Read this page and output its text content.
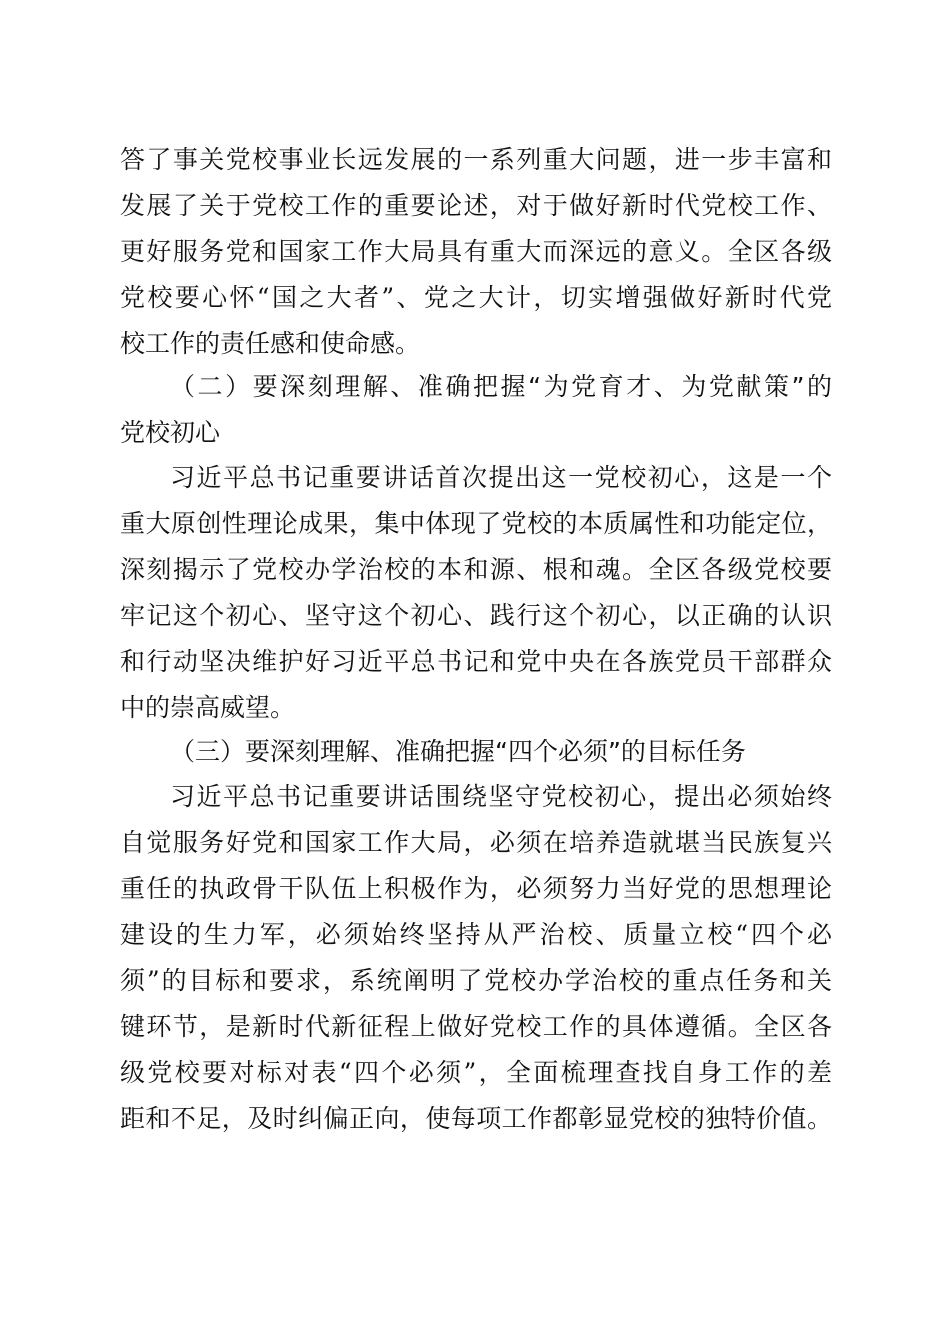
答了事关党校事业长远发展的一系列重大问题，进一步丰富和
发展了关于党校工作的重要论述，对于做好新时代党校工作、
更好服务党和国家工作大局具有重大而深远的意义。全区各级
党校要心怀“国之大者”、党之大计，切实增强做好新时代党
校工作的责任感和使命感。
（二）要深刻理解、准确把握“为党育才、为党献策”的
党校初心
习近平总书记重要讲话首次提出这一党校初心，这是一个
重大原创性理论成果，集中体现了党校的本质属性和功能定位，
深刻揭示了党校办学治校的本和源、根和魂。全区各级党校要
牢记这个初心、坚守这个初心、践行这个初心，以正确的认识
和行动坚决维护好习近平总书记和党中央在各族党员干部群众
中的崇高威望。
（三）要深刻理解、准确把握“四个必须”的目标任务
习近平总书记重要讲话围绕坚守党校初心，提出必须始终
自觉服务好党和国家工作大局，必须在培养造就堪当民族复兴
重任的执政骨干队伍上积极作为，必须努力当好党的思想理论
建设的生力军，必须始终坚持从严治校、质量立校“四个必
须”的目标和要求，系统阐明了党校办学治校的重点任务和关
键环节，是新时代新征程上做好党校工作的具体遵循。全区各
级党校要对标对表“四个必须”，全面梳理查找自身工作的差
距和不足，及时纠偏正向，使每项工作都彰显党校的独特价值。
